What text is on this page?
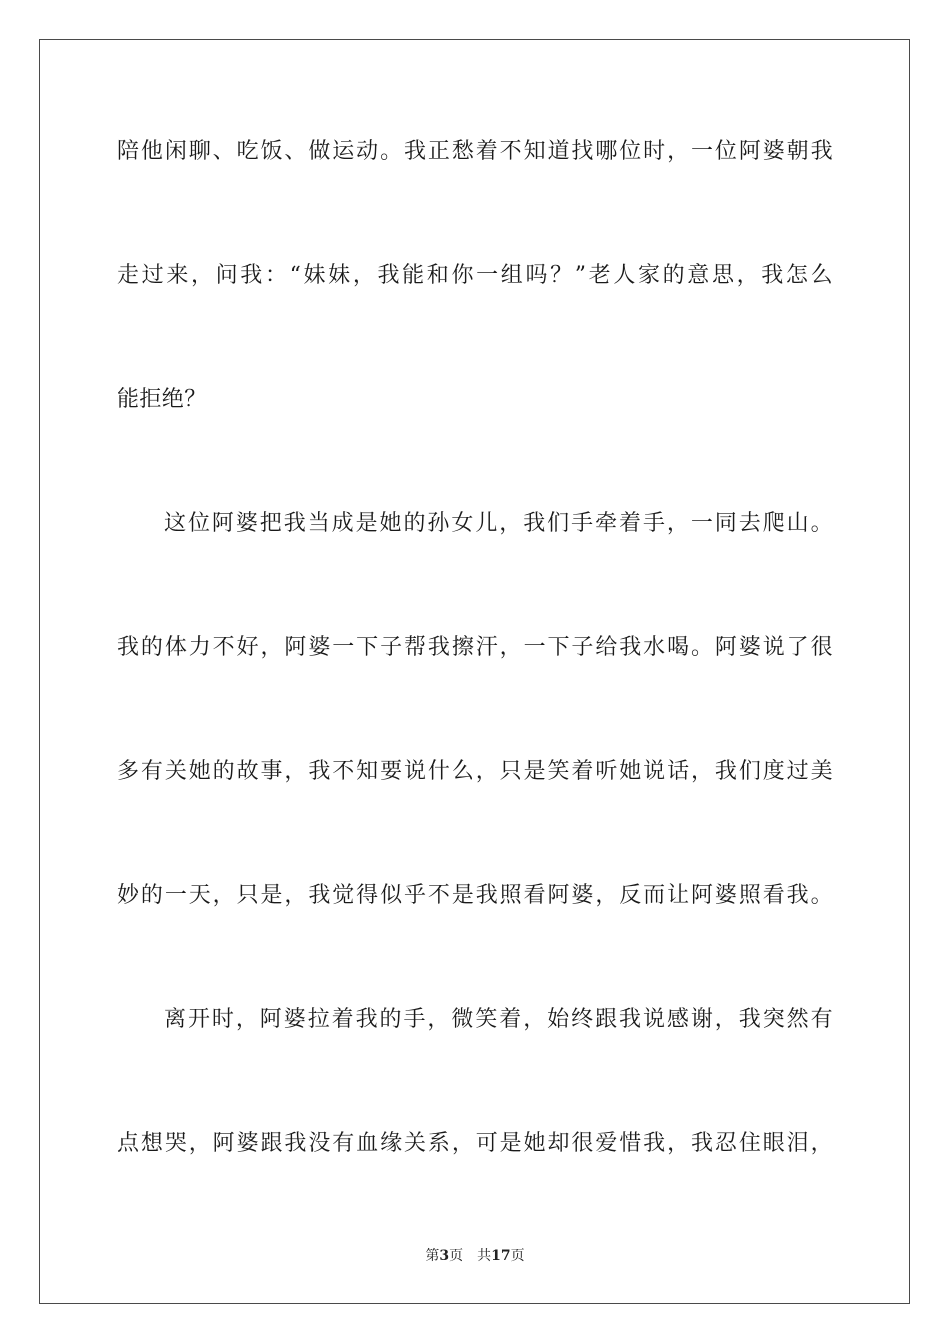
陪他闲聊、吃饭、做运动。我正愁着不知道找哪位时，一位阿婆朝我
走过来，问我：“妹妹，我能和你一组吗？”老人家的意思，我怎么
能拒绝？
这位阿婆把我当成是她的孙女儿，我们手牵着手，一同去爬山。
我的体力不好，阿婆一下子帮我擦汗，一下子给我水喝。阿婆说了很
多有关她的故事，我不知要说什么，只是笑着听她说话，我们度过美
妙的一天，只是，我觉得似乎不是我照看阿婆，反而让阿婆照看我。
离开时，阿婆拉着我的手，微笑着，始终跟我说感谢，我突然有
点想哭，阿婆跟我没有血缘关系，可是她却很爱惜我，我忍住眼泪，
第3页 共17页
